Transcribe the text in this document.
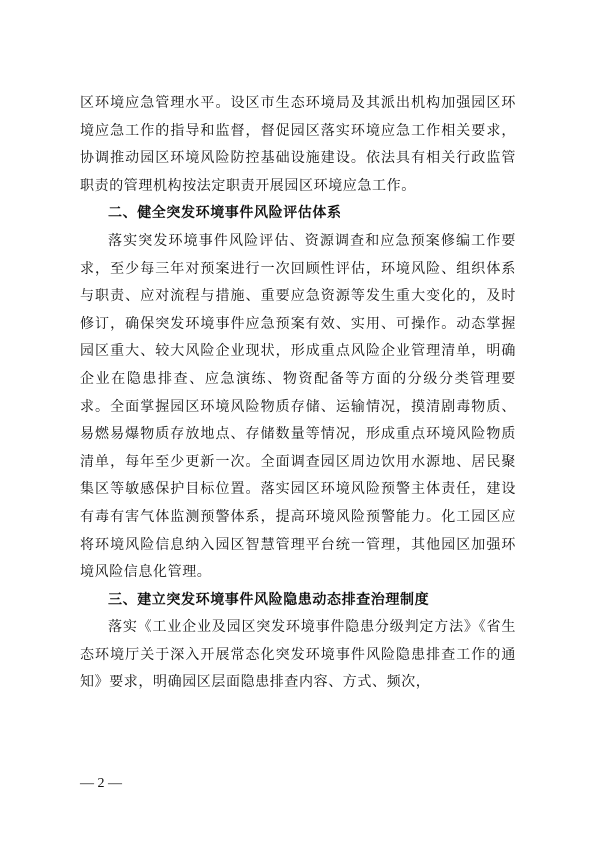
区环境应急管理水平。设区市生态环境局及其派出机构加强园区环境应急工作的指导和监督，督促园区落实环境应急工作相关要求，协调推动园区环境风险防控基础设施建设。依法具有相关行政监管职责的管理机构按法定职责开展园区环境应急工作。

二、健全突发环境事件风险评估体系

落实突发环境事件风险评估、资源调查和应急预案修编工作要求，至少每三年对预案进行一次回顾性评估，环境风险、组织体系与职责、应对流程与措施、重要应急资源等发生重大变化的，及时修订，确保突发环境事件应急预案有效、实用、可操作。动态掌握园区重大、较大风险企业现状，形成重点风险企业管理清单，明确企业在隐患排查、应急演练、物资配备等方面的分级分类管理要求。全面掌握园区环境风险物质存储、运输情况，摸清剧毒物质、易燃易爆物质存放地点、存储数量等情况，形成重点环境风险物质清单，每年至少更新一次。全面调查园区周边饮用水源地、居民聚集区等敏感保护目标位置。落实园区环境风险预警主体责任，建设有毒有害气体监测预警体系，提高环境风险预警能力。化工园区应将环境风险信息纳入园区智慧管理平台统一管理，其他园区加强环境风险信息化管理。

三、建立突发环境事件风险隐患动态排查治理制度

落实《工业企业及园区突发环境事件隐患分级判定方法》《省生态环境厅关于深入开展常态化突发环境事件风险隐患排查工作的通知》要求，明确园区层面隐患排查内容、方式、频次，

— 2 —
